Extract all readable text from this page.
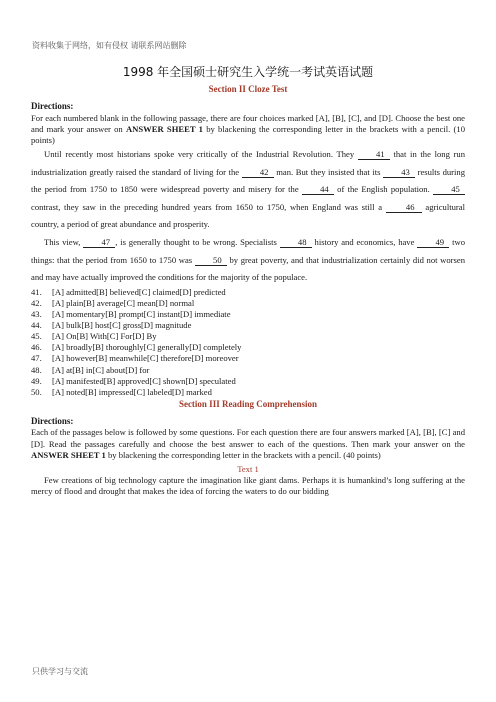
资料收集于网络，如有侵权 请联系网站删除
1998 年全国硕士研究生入学统一考试英语试题
Section II Cloze Test
Directions:

For each numbered blank in the following passage, there are four choices marked [A], [B], [C], and [D]. Choose the best one and mark your answer on ANSWER SHEET 1 by blackening the corresponding letter in the brackets with a pencil. (10 points)

Until recently most historians spoke very critically of the Industrial Revolution. They 41 that in the long run industrialization greatly raised the standard of living for the 42 man. But they insisted that its 43 results during the period from 1750 to 1850 were widespread poverty and misery for the 44 of the English population. 45 contrast, they saw in the preceding hundred years from 1650 to 1750, when England was still a 46 agricultural country, a period of great abundance and prosperity.

This view, 47 , is generally thought to be wrong. Specialists 48 history and economics, have 49 two things: that the period from 1650 to 1750 was 50 by great poverty, and that industrialization certainly did not worsen and may have actually improved the conditions for the majority of the populace.

41. [A] admitted[B] believed[C] claimed[D] predicted
42. [A] plain[B] average[C] mean[D] normal
43. [A] momentary[B] prompt[C] instant[D] immediate
44. [A] bulk[B] host[C] gross[D] magnitude
45. [A] On[B] With[C] For[D] By
46. [A] broadly[B] thoroughly[C] generally[D] completely
47. [A] however[B] meanwhile[C] therefore[D] moreover
48. [A] at[B] in[C] about[D] for
49. [A] manifested[B] approved[C] shown[D] speculated
50. [A] noted[B] impressed[C] labeled[D] marked
Section III Reading Comprehension
Directions:

Each of the passages below is followed by some questions. For each question there are four answers marked [A], [B], [C] and [D]. Read the passages carefully and choose the best answer to each of the questions. Then mark your answer on the ANSWER SHEET 1 by blackening the corresponding letter in the brackets with a pencil. (40 points)

Text 1

Few creations of big technology capture the imagination like giant dams. Perhaps it is humankind’s long suffering at the mercy of flood and drought that makes the idea of forcing the waters to do our bidding

只供学习与交流
